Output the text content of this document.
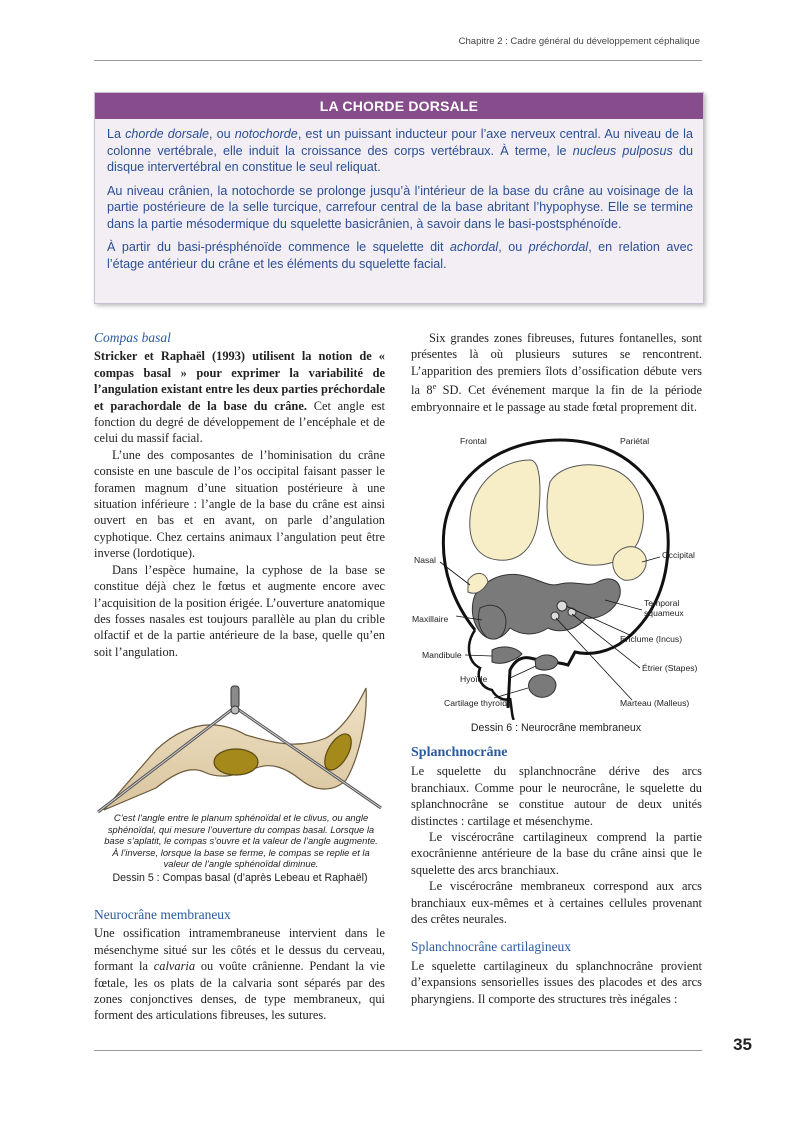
Chapitre 2 : Cadre général du développement céphalique
LA CHORDE DORSALE

La chorde dorsale, ou notochorde, est un puissant inducteur pour l’axe nerveux central. Au niveau de la colonne vertébrale, elle induit la croissance des corps vertébraux. À terme, le nucleus pulposus du disque intervertébral en constitue le seul reliquat.

Au niveau crânien, la notochorde se prolonge jusqu’à l’intérieur de la base du crâne au voisinage de la partie postérieure de la selle turcique, carrefour central de la base abritant l’hypophyse. Elle se termine dans la partie mésodermique du squelette basicrânien, à savoir dans le basi-postsphénoïde.

À partir du basi-présphénoïde commence le squelette dit achordal, ou préchordal, en relation avec l’étage antérieur du crâne et les éléments du squelette facial.

Compas basal

Stricker et Raphaël (1993) utilisent la notion de « compas basal » pour exprimer la variabilité de l’angulation existant entre les deux parties préchordale et parachordale de la base du crâne. Cet angle est fonction du degré de développement de l’encéphale et de celui du massif facial.

L’une des composantes de l’hominisation du crâne consiste en une bascule de l’os occipital faisant passer le foramen magnum d’une situation postérieure à une situation inférieure : l’angle de la base du crâne est ainsi ouvert en bas et en avant, on parle d’angulation cyphotique. Chez certains animaux l’angulation peut être inverse (lordotique).

Dans l’espèce humaine, la cyphose de la base se constitue déjà chez le fœtus et augmente encore avec l’acquisition de la position érigée. L’ouverture anatomique des fosses nasales est toujours parallèle au plan du crible olfactif et de la partie antérieure de la base, quelle qu’en soit l’angulation.

C’est l’angle entre le planum sphénoïdal et le clivus, ou angle sphénoïdal, qui mesure l’ouverture du compas basal. Lorsque la base s’aplatit, le compas s’ouvre et la valeur de l’angle augmente. À l’inverse, lorsque la base se ferme, le compas se replie et la valeur de l’angle sphénoïdal diminue.
Dessin 5 : Compas basal (d’après Lebeau et Raphaël)
Neurocrâne membraneux

Une ossification intramembraneuse intervient dans le mésenchyme situé sur les côtés et le dessus du cerveau, formant la calvaria ou voûte crânienne. Pendant la vie fœtale, les os plats de la calvaria sont séparés par des zones conjonctives denses, de type membraneux, qui forment des articulations fibreuses, les sutures.

Six grandes zones fibreuses, futures fontanelles, sont présentes là où plusieurs sutures se rencontrent. L’apparition des premiers îlots d’ossification débute vers la 8e SD. Cet événement marque la fin de la période embryonnaire et le passage au stade fœtal proprement dit.

Frontal	Pariétal
Nasal	Occipital
Maxillaire
Temporal
squameux
Enclume (Incus)
Mandibule
Étrier (Stapes)
Hyoïde
Marteau (Malleus)
Cartilage thyroïde
Dessin 6 : Neurocrâne membraneux
Splanchnocrâne

Le squelette du splanchnocrâne dérive des arcs branchiaux. Comme pour le neurocrâne, le squelette du splanchnocrâne se constitue autour de deux unités distinctes : cartilage et mésenchyme.

Le viscérocrâne cartilagineux comprend la partie exocrânienne antérieure de la base du crâne ainsi que le squelette des arcs branchiaux.

Le viscérocrâne membraneux correspond aux arcs branchiaux eux-mêmes et à certaines cellules provenant des crêtes neurales.

Splanchnocrâne cartilagineux

Le squelette cartilagineux du splanchnocrâne provient d’expansions sensorielles issues des placodes et des arcs pharyngiens. Il comporte des structures très inégales :

35
